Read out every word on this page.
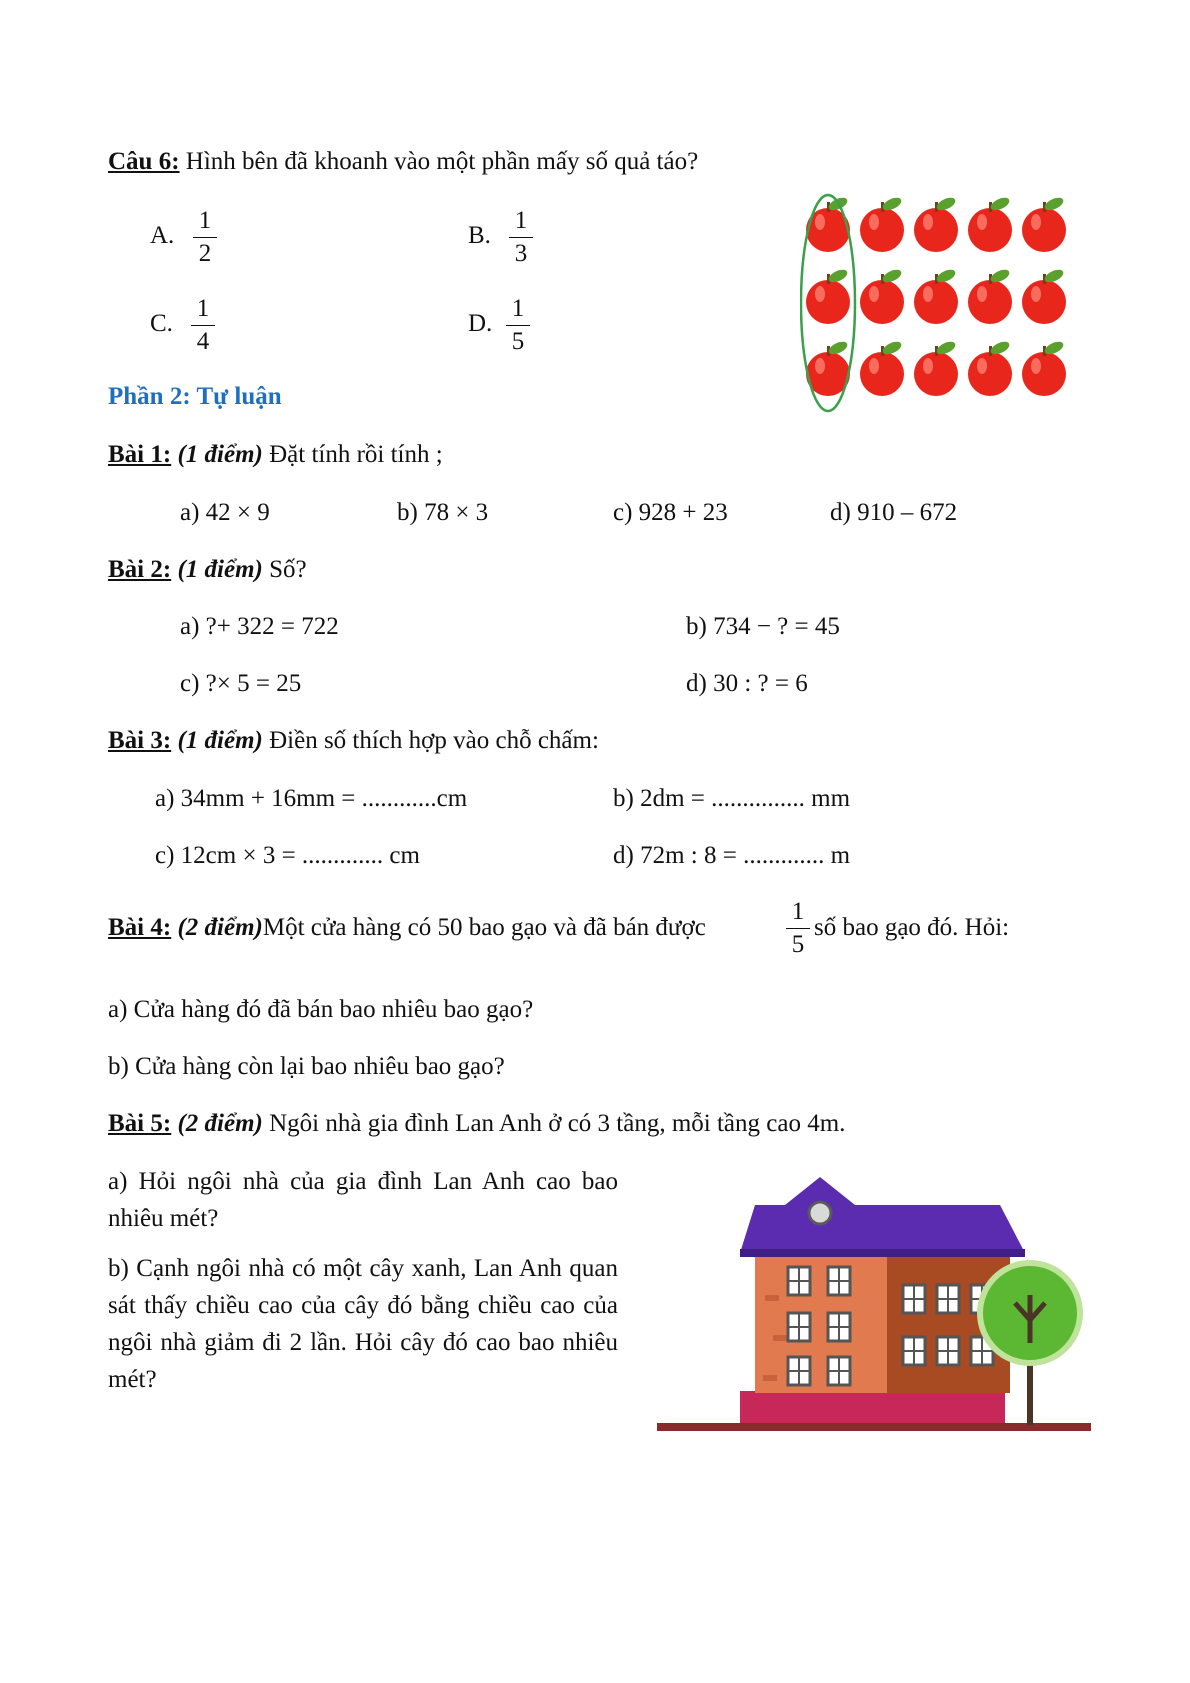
Câu 6: Hình bên đã khoanh vào một phần mấy số quả táo?
A.
1
2
B.
1
3
C.
1
4
D.
1
5
Phần 2: Tự luận
Bài 1: (1 điểm) Đặt tính rồi tính ;
a) 42 × 9	b) 78 × 3	c) 928 + 23	d) 910 – 672
Bài 2: (1 điểm) Số?
a) ?+ 322 = 722	b) 734 − ? = 45
c) ?× 5 = 25	d) 30 : ? = 6
Bài 3: (1 điểm) Điền số thích hợp vào chỗ chấm:
a) 34mm + 16mm = ............cm	b) 2dm = ............... mm
c) 12cm × 3 = ............. cm	d) 72m : 8 = ............. m
Bài 4: (2 điểm)Một cửa hàng có 50 bao gạo và đã bán được
1
5
số bao gạo đó. Hỏi:
a) Cửa hàng đó đã bán bao nhiêu bao gạo?
b) Cửa hàng còn lại bao nhiêu bao gạo?
Bài 5: (2 điểm) Ngôi nhà gia đình Lan Anh ở có 3 tầng, mỗi tầng cao 4m.
a) Hỏi ngôi nhà của gia đình Lan Anh cao bao nhiêu mét?
b) Cạnh ngôi nhà có một cây xanh, Lan Anh quan sát thấy chiều cao của cây đó bằng chiều cao của ngôi nhà giảm đi 2 lần. Hỏi cây đó cao bao nhiêu mét?
